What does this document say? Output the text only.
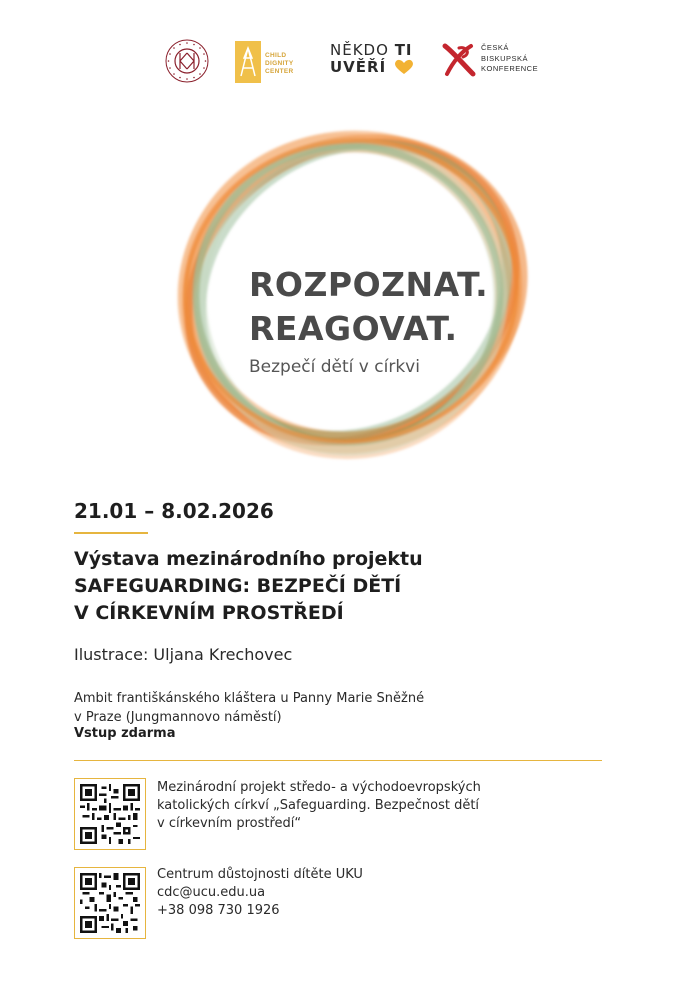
CHILD
DIGNITY
CENTER
NĚKDO TI
UVĚŘÍ
ČESKÁ
BISKUPSKÁ
KONFERENCE
ROZPOZNAT.
REAGOVAT.
Bezpečí dětí v církvi
21.01 – 8.02.2026
Výstava mezinárodního projektu
SAFEGUARDING: BEZPEČÍ DĚTÍ
V CÍRKEVNÍM PROSTŘEDÍ
Ilustrace: Uljana Krechovec
Ambit františkánského kláštera u Panny Marie Sněžné
v Praze (Jungmannovo náměstí)
Vstup zdarma
Mezinárodní projekt středo- a východoevropských
katolických církví „Safeguarding. Bezpečnost dětí
v církevním prostředí“
Centrum důstojnosti dítěte UKU
cdc@ucu.edu.ua
+38 098 730 1926
